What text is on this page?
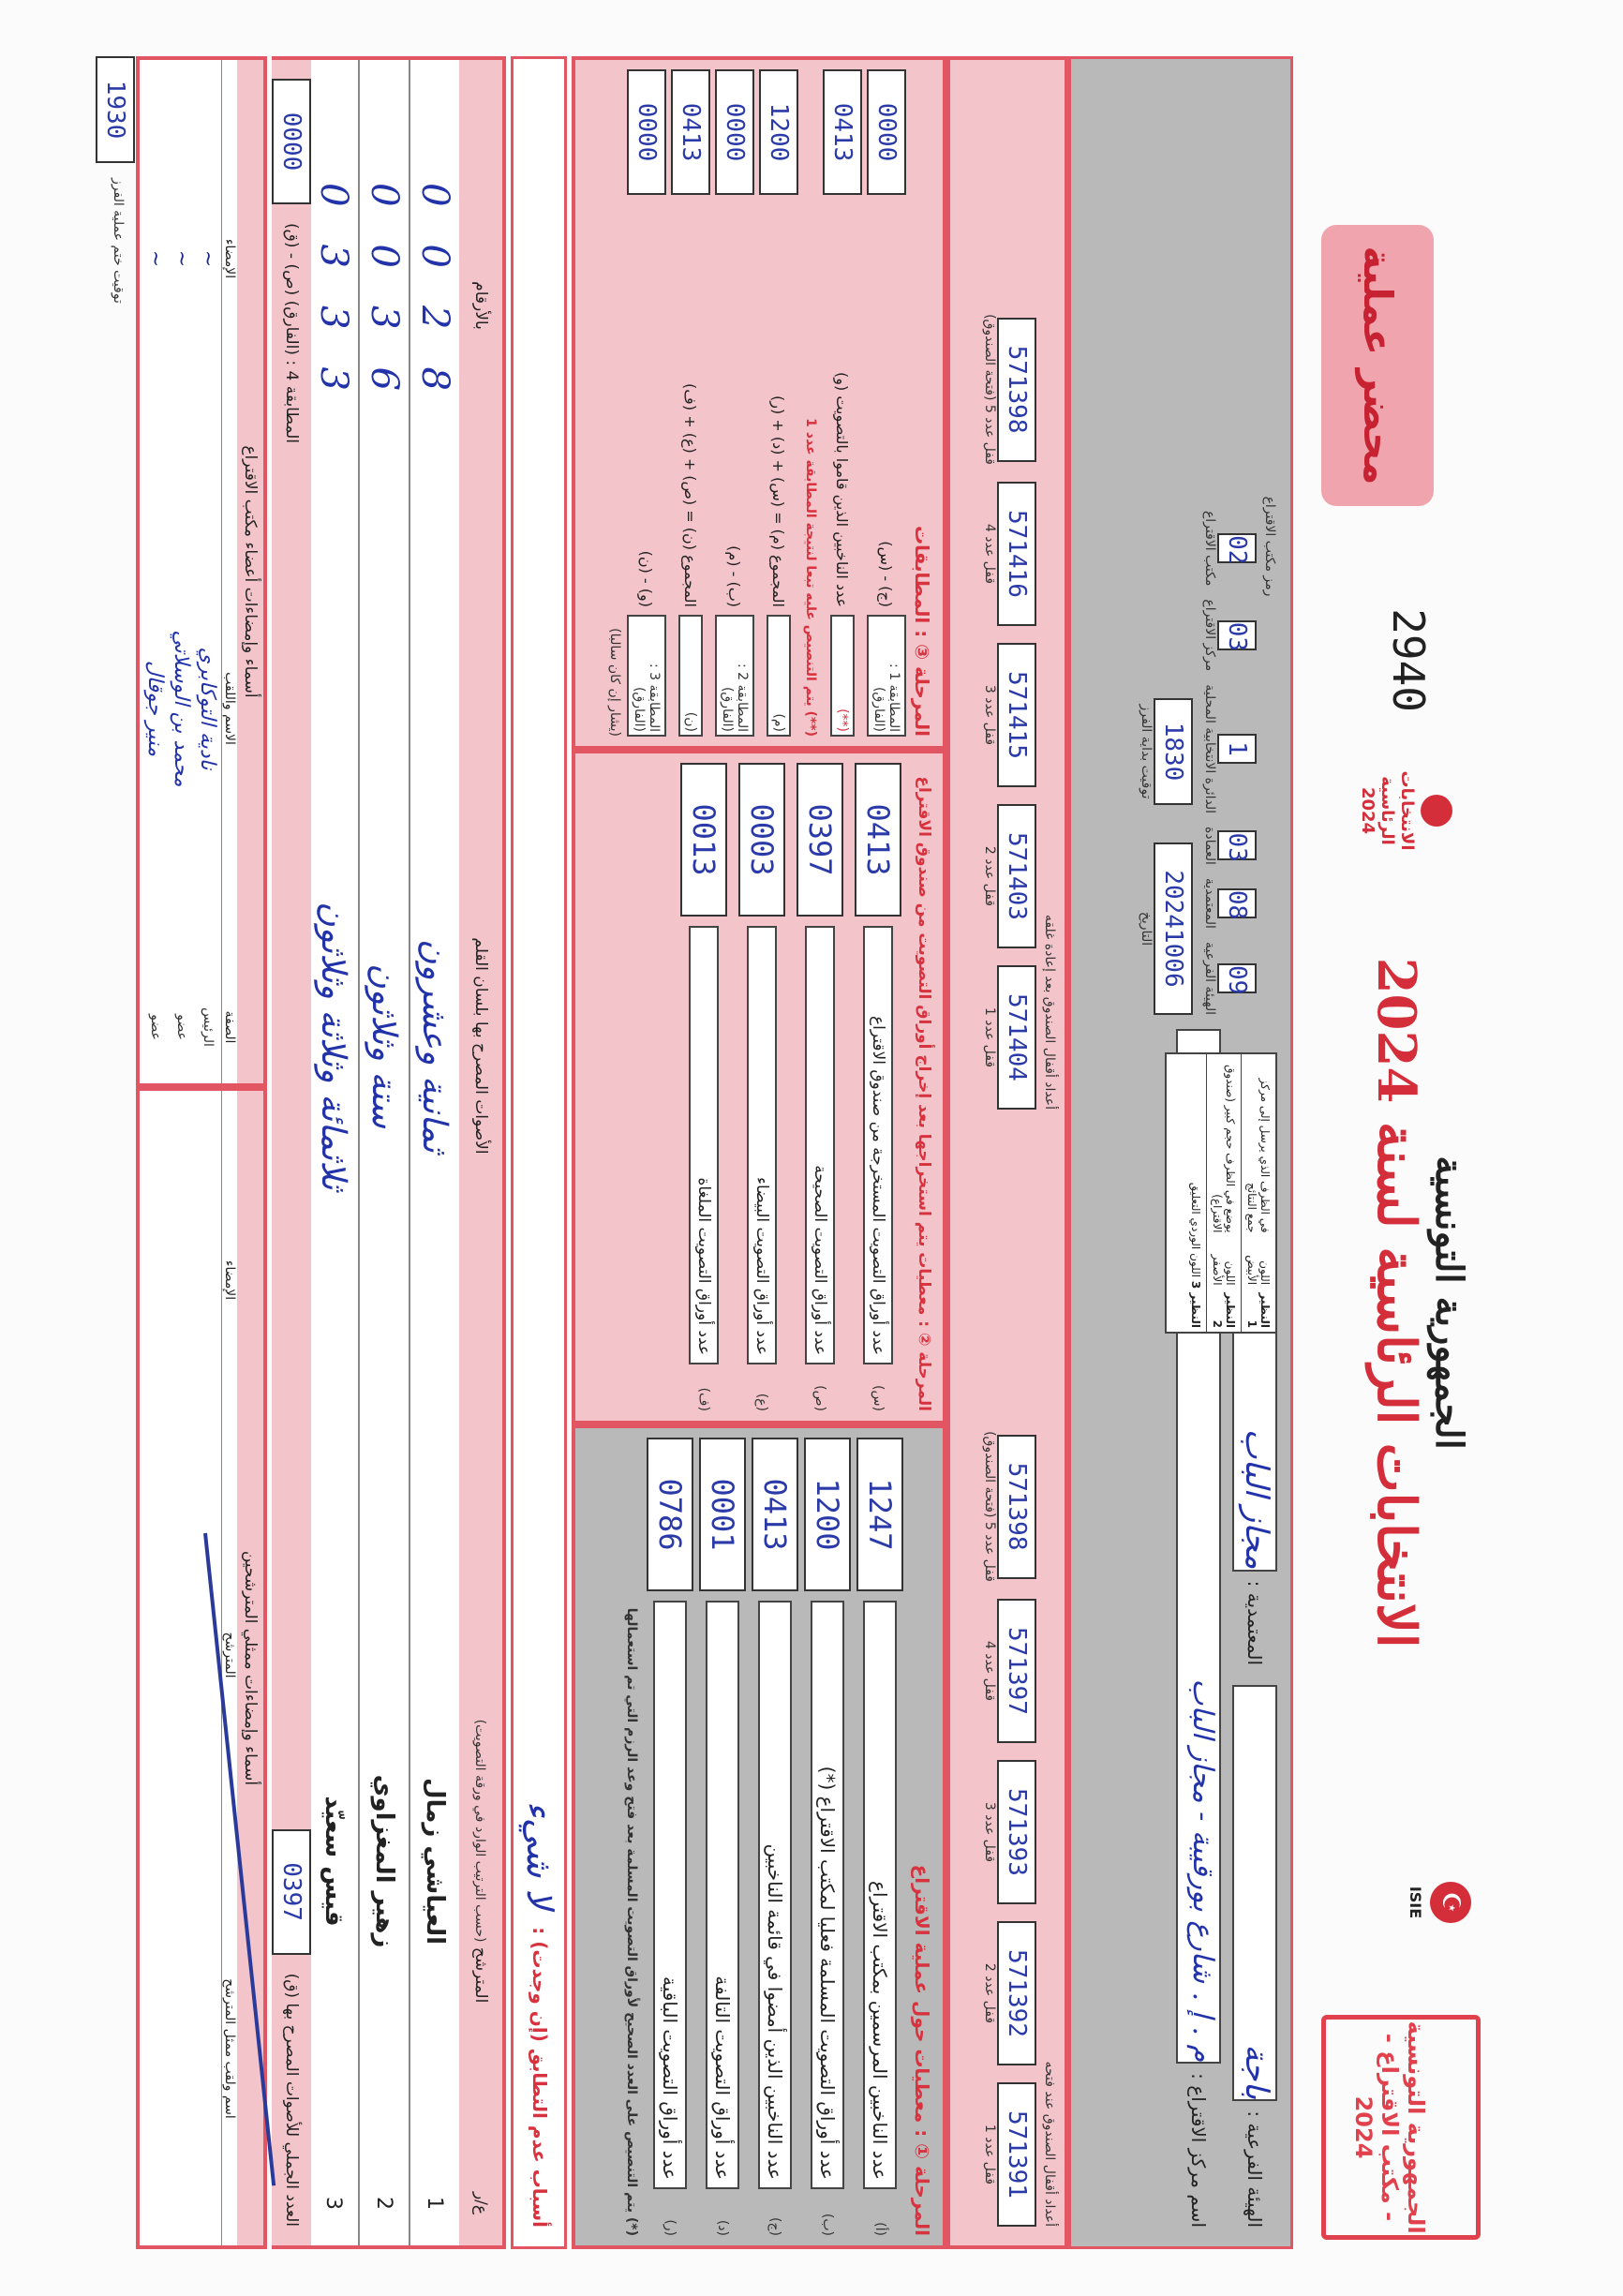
الجمهورية التونسية - مكتب الاقتراع - 2024
☪
ISIE
الجمهورية التونسية
الانتخابات الرئاسية لسنة 2024
الانتخابات الرئاسية 2024
2940
محضر عملية
الهيئة الفرعية :
باجة
المعتمدية :
مجاز الباب
اسم مركز الاقتراع :
م . إ . شارع بورقيبة - مجاز الباب
رمز مكتب الاقتراع
09
الهيئة الفرعية
08
المعتمدية
03
العمادة
1
الدائرة الانتخابية المحلية
03
مركز الاقتراع
02
مكتب الاقتراع
20241006
التاريخ
1830
توقيت بداية الفرز
النظير 1

اللون الأبيض

في الظرف الذي يرسل إلى مركز جمع النتائج
النظير 2

اللون الأصفر

يوضع في الظرف حجم كبير (صندوق الاقتراع)
النظير 3

اللون الوردي

التعليق
أعداد أقفال الصندوق عند فتحه
571391
قفل عدد 1
571392
قفل عدد 2
571393
قفل عدد 3
571397
قفل عدد 4
571398
قفل عدد 5 (فتحة الصندوق)
أعداد أقفال الصندوق بعد إعادة غلقه
571404
قفل عدد 1
571403
قفل عدد 2
571415
قفل عدد 3
571416
قفل عدد 4
571398
قفل عدد 5 (فتحة الصندوق)
المرحلة ① : معطيات حول عملية الاقتراع
(أ)
عدد الناخبين المرسمين بمكتب الاقتراع
1247
(ب)
عدد أوراق التصويت المسلمة فعليا لمكتب الاقتراع (*)
1200
(ج)
عدد الناخبين الذين أمضوا في قائمة الناخبين
0413
(د)
عدد أوراق التصويت التالفة
0001
(ر)
عدد أوراق التصويت الباقية
0786
(*) يتم التنصيص على العدد الصحيح لأوراق التصويت المسلمة بعد فتح وعد الرزم التي تم استعمالها
المرحلة ② : معطيات يتم استخراجها بعد إخراج أوراق التصويت من صندوق الاقتراع
(س)
عدد أوراق التصويت المستخرجة من صندوق الاقتراع
0413
(ص)
عدد أوراق التصويت الصحيحة
0397
(ع)
عدد أوراق التصويت البيضاء
0003
(ف)
عدد أوراق التصويت الملغاة
0013
المرحلة ③ : المطابقات
المطابقة 1 : (الفارق)
(ج) - (س)
0000
(**)
عدد الناخبين الذين قاموا بالتصويت (و)
0413
(**) يتم التنصيص عليه تبعا لنتيجة المطابقة عدد 1
(م)
المجموع (م) = (س) + (د) + (ر)
1200
المطابقة 2 : (الفارق)
(ب) - (م)
0000
(ن)
المجموع (ن) = (ص) + (ع) + (ف)
0413
المطابقة 3 : (الفارق)
(و) - (ن)
0000
(يشار إن كان سالبا)
أسباب عدم التطابق (إن وجدت) :
لا شيء
ع/ر
المترشح (حسب الترتيب الوارد في ورقة التصويت)
الأصوات المصرح بها بلسان القلم
بالأرقام
1
العياشي زمال
ثمانية وعشرون
0028
2
زهير المغزاوي
ستة وثلاثون
0036
3
قيس سعيّد
ثلاثمائة وثلاثة وثلاثون
0333
العدد الجملي للأصوات المصرح بها (ق)
0397
المطابقة 4 : (الفارق) (ص) - (ق)
0000
أسماء وإمضاءات ممثلي المترشحين
اسم ولقب ممثل المترشح
المترشح
الإمضاء
أسماء وإمضاءات أعضاء مكتب الاقتراع
الصفة
الاسم واللقب
الإمضاء
الرئيس
نادية التوكابري
~
عضو
محمد بن الوسلاتي
~
عضو
منير جوقال
~
1930
توقيت ختم عملية الفرز
